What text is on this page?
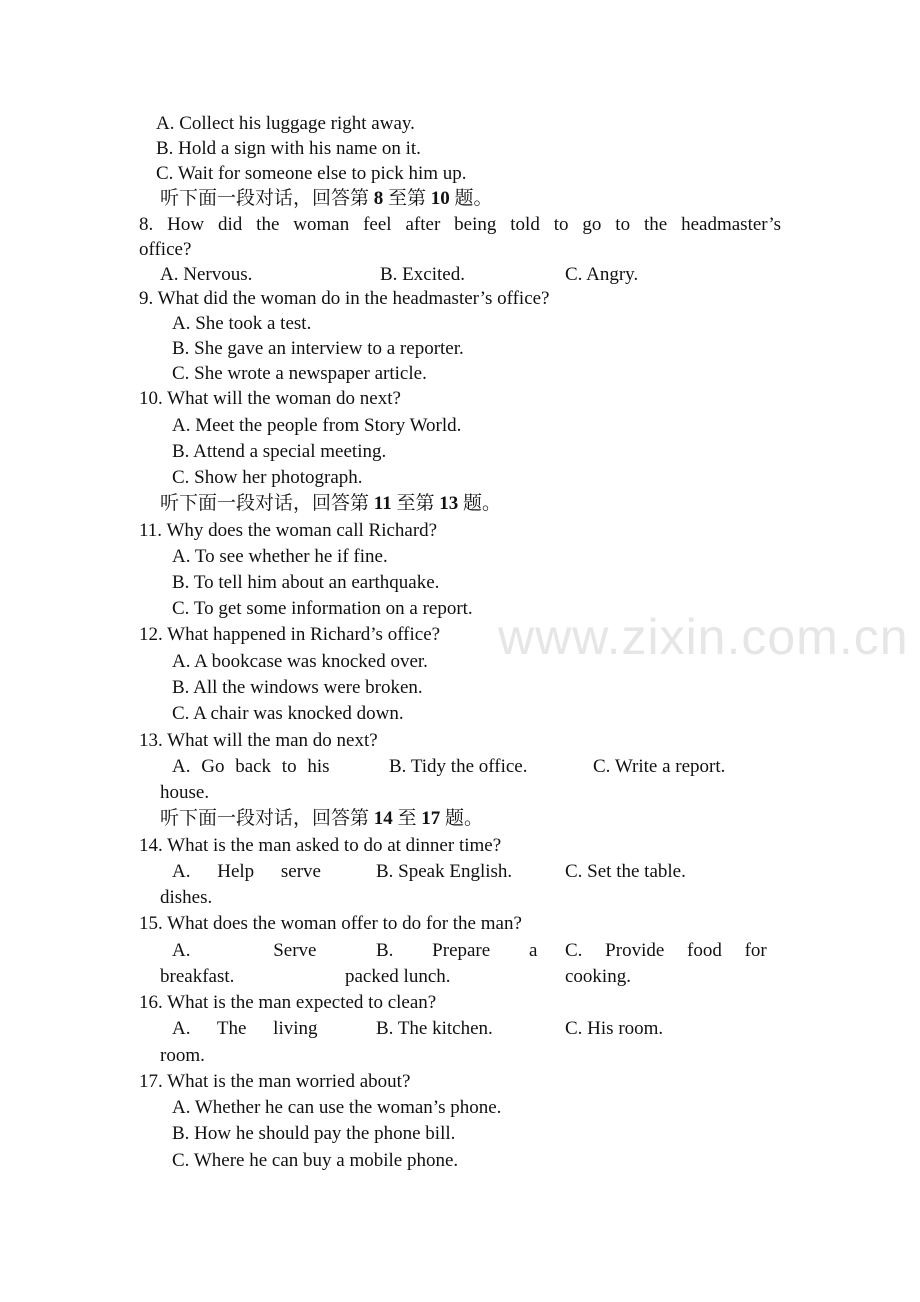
www.zixin.com.cn
A. Collect his luggage right away.
B. Hold a sign with his name on it.
C. Wait for someone else to pick him up.
听下面一段对话，回答第 8 至第 10 题。
8. How did the woman feel after being told to go to the headmaster’s
office?
A. Nervous.	B. Excited.	C. Angry.
9. What did the woman do in the headmaster’s office?
A. She took a test.
B. She gave an interview to a reporter.
C. She wrote a newspaper article.
10. What will the woman do next?
A. Meet the people from Story World.
B. Attend a special meeting.
C. Show her photograph.
听下面一段对话，回答第 11 至第 13 题。
11. Why does the woman call Richard?
A. To see whether he if fine.
B. To tell him about an earthquake.
C. To get some information on a report.
12. What happened in Richard’s office?
A. A bookcase was knocked over.
B. All the windows were broken.
C. A chair was knocked down.
13. What will the man do next?
A. Go back to his
house.
B. Tidy the office.	C. Write a report.
听下面一段对话，回答第 14 至 17 题。
14. What is the man asked to do at dinner time?
A. Help serve
dishes.
B. Speak English.	C. Set the table.
15. What does the woman offer to do for the man?
A. Serve
breakfast.
B. Prepare a
packed lunch.
C. Provide food for
cooking.
16. What is the man expected to clean?
A. The living
room.
B. The kitchen.	C. His room.
17. What is the man worried about?
A. Whether he can use the woman’s phone.
B. How he should pay the phone bill.
C. Where he can buy a mobile phone.
